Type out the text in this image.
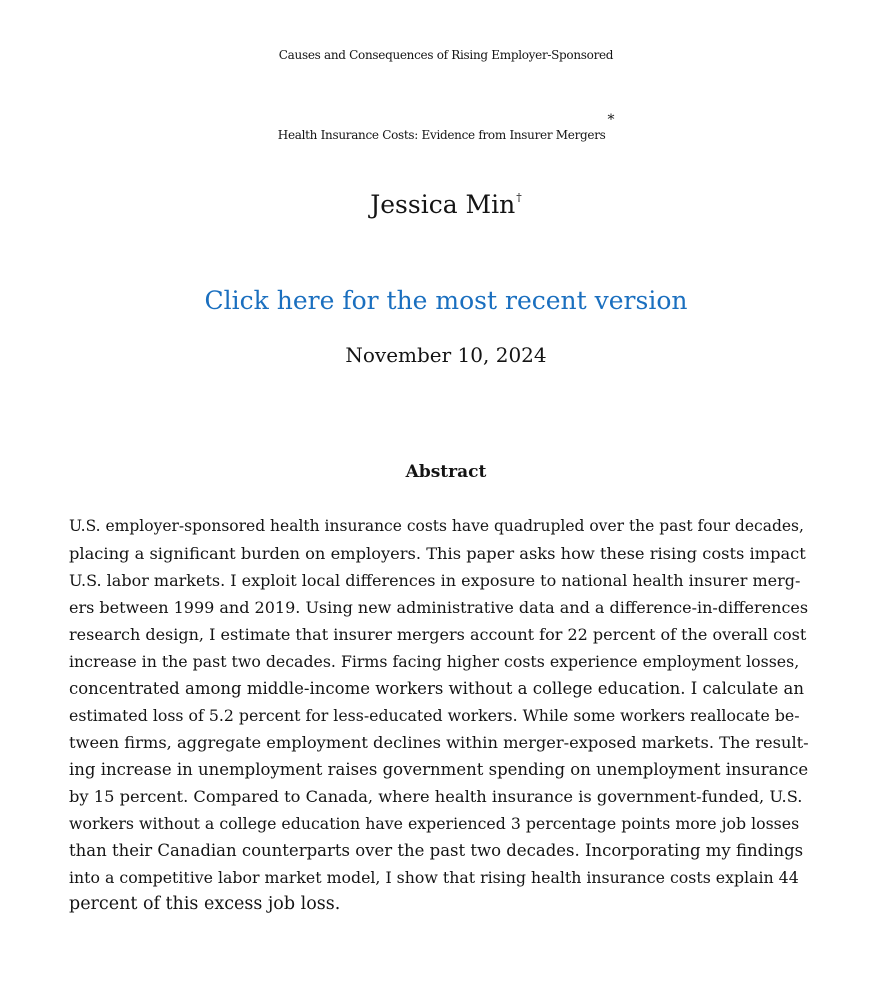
Causes and Consequences of Rising Employer-Sponsored
Health Insurance Costs: Evidence from Insurer Mergers*
Jessica Min†
Click here for the most recent version
November 10, 2024
Abstract
U.S. employer-sponsored health insurance costs have quadrupled over the past four decades,
placing a significant burden on employers. This paper asks how these rising costs impact
U.S. labor markets. I exploit local differences in exposure to national health insurer merg-
ers between 1999 and 2019. Using new administrative data and a difference-in-differences
research design, I estimate that insurer mergers account for 22 percent of the overall cost
increase in the past two decades. Firms facing higher costs experience employment losses,
concentrated among middle-income workers without a college education. I calculate an
estimated loss of 5.2 percent for less-educated workers. While some workers reallocate be-
tween firms, aggregate employment declines within merger-exposed markets. The result-
ing increase in unemployment raises government spending on unemployment insurance
by 15 percent. Compared to Canada, where health insurance is government-funded, U.S.
workers without a college education have experienced 3 percentage points more job losses
than their Canadian counterparts over the past two decades. Incorporating my findings
into a competitive labor market model, I show that rising health insurance costs explain 44
percent of this excess job loss.
